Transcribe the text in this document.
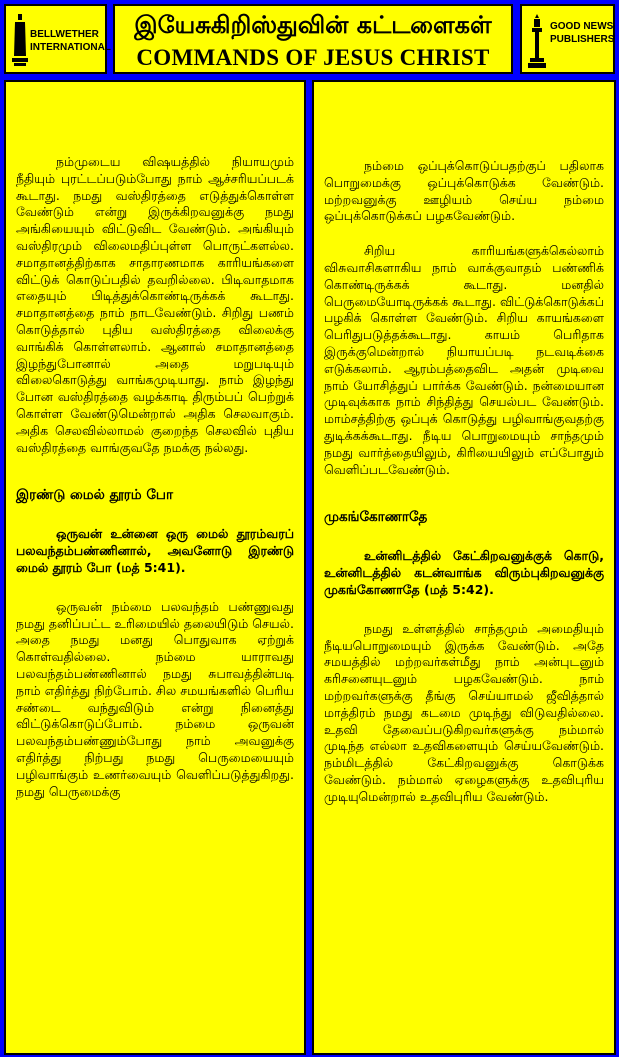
BELLWETHER INTERNATIONAL
இயேசுகிறிஸ்துவின் கட்டளைகள்
COMMANDS OF JESUS CHRIST
GOOD NEWS PUBLISHERS

நம்முடைய விஷயத்தில் நியாயமும் நீதியும் புரட்டப்படும்போது நாம் ஆச்சரியப்படக் கூடாது. நமது வஸ்திரத்தை எடுத்துக்கொள்ள வேண்டும் என்று இருக்கிறவனுக்கு நமது அங்கியையும் விட்டுவிட வேண்டும். அங்கியும் வஸ்திரமும் விலைமதிப்புள்ள பொருட்களல்ல. சமாதானத்திற்காக சாதாரணமாக காரியங்களை விட்டுக் கொடுப்பதில் தவறில்லை. பிடிவாதமாக எதையும் பிடித்துக்கொண்டிருக்கக் கூடாது. சமாதானத்தை நாம் நாடவேண்டும். சிறிது பணம் கொடுத்தால் புதிய வஸ்திரத்தை விலைக்கு வாங்கிக் கொள்ளலாம். ஆனால் சமாதானத்தை இழந்துபோனால் அதை மறுபடியும் விலைகொடுத்து வாங்கமுடியாது. நாம் இழந்து போன வஸ்திரத்தை வழக்காடி திரும்பப் பெற்றுக் கொள்ள வேண்டுமென்றால் அதிக செலவாகும். அதிக செலவில்லாமல் குறைந்த செலவில் புதிய வஸ்திரத்தை வாங்குவதே நமக்கு நல்லது.

இரண்டு மைல் தூரம் போ

ஒருவன் உன்னை ஒரு மைல் தூரம்வரப் பலவந்தம்பண்ணினால், அவனோடு இரண்டு மைல் தூரம் போ (மத் 5:41).

ஒருவன் நம்மை பலவந்தம் பண்ணுவது நமது தனிப்பட்ட உரிமையில் தலையிடும் செயல். அதை நமது மனது பொதுவாக ஏற்றுக் கொள்வதில்லை. நம்மை யாராவது பலவந்தம்பண்ணினால் நமது சுபாவத்தின்படி நாம் எதிர்த்து நிற்போம். சில சமயங்களில் பெரிய சண்டை வந்துவிடும் என்று நினைத்து விட்டுக்கொடுப்போம். நம்மை ஒருவன் பலவந்தம்பண்ணும்போது நாம் அவனுக்கு எதிர்த்து நிற்பது நமது பெருமையையும் பழிவாங்கும் உணர்வையும் வெளிப்படுத்துகிறது. நமது பெருமைக்கு

நம்மை ஒப்புக்கொடுப்பதற்குப் பதிலாக பொறுமைக்கு ஒப்புக்கொடுக்க வேண்டும். மற்றவனுக்கு ஊழியம் செய்ய நம்மை ஒப்புக்கொடுக்கப் பழகவேண்டும்.

சிறிய காரியங்களுக்கெல்லாம் விசுவாசிகளாகிய நாம் வாக்குவாதம் பண்ணிக் கொண்டிருக்கக் கூடாது. மனதில் பெருமையோடிருக்கக் கூடாது. விட்டுக்கொடுக்கப் பழகிக் கொள்ள வேண்டும். சிறிய காயங்களை பெரிதுபடுத்தக்கூடாது. காயம் பெரிதாக இருக்குமென்றால் நியாயப்படி நடவடிக்கை எடுக்கலாம். ஆரம்பத்தைவிட அதன் முடிவை நாம் யோசித்துப் பார்க்க வேண்டும். நன்மையான முடிவுக்காக நாம் சிந்தித்து செயல்பட வேண்டும். மாம்சத்திற்கு ஒப்புக் கொடுத்து பழிவாங்குவதற்கு துடிக்கக்கூடாது. நீடிய பொறுமையும் சாந்தமும் நமது வார்த்தையிலும், கிரியையிலும் எப்போதும் வெளிப்படவேண்டும்.

முகங்கோணாதே

உன்னிடத்தில் கேட்கிறவனுக்குக் கொடு, உன்னிடத்தில் கடன்வாங்க விரும்புகிறவனுக்கு முகங்கோணாதே (மத் 5:42).

நமது உள்ளத்தில் சாந்தமும் அமைதியும் நீடியபொறுமையும் இருக்க வேண்டும். அதே சமயத்தில் மற்றவர்கள்மீது நாம் அன்புடனும் கரிசனையுடனும் பழகவேண்டும். நாம் மற்றவர்களுக்கு தீங்கு செய்யாமல் ஜீவித்தால் மாத்திரம் நமது கடமை முடிந்து விடுவதில்லை. உதவி தேவைப்படுகிறவர்களுக்கு நம்மால் முடிந்த எல்லா உதவிகளையும் செய்யவேண்டும். நம்மிடத்தில் கேட்கிறவனுக்கு கொடுக்க வேண்டும். நம்மால் ஏழைகளுக்கு உதவிபுரிய முடியுமென்றால் உதவிபுரிய வேண்டும்.
